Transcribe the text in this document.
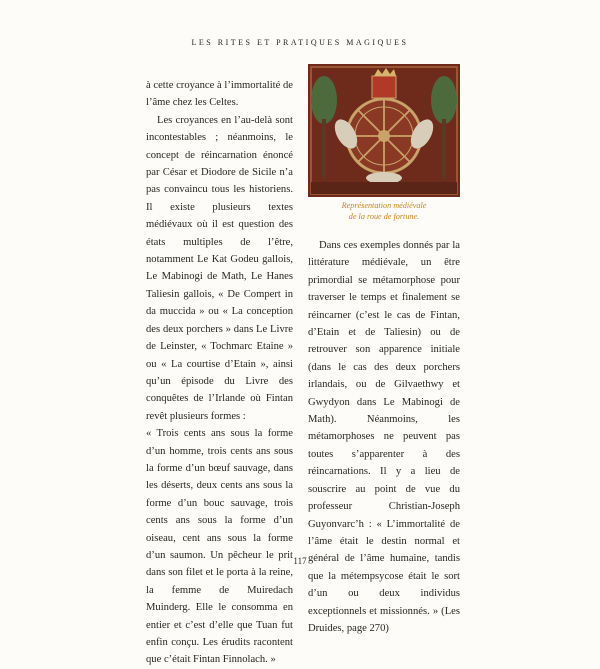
LES RITES ET PRATIQUES MAGIQUES
Représentation médiévale
de la roue de fortune.

à cette croyance à l’immortalité de l’âme chez les Celtes.

Les croyances en l’au-delà sont incontestables ; néanmoins, le concept de réincarnation énoncé par César et Diodore de Sicile n’a pas convaincu tous les historiens. Il existe plusieurs textes médiévaux où il est question des états multiples de l’être, notamment Le Kat Godeu gallois, Le Mabinogi de Math, Le Hanes Taliesin gallois, « De Compert in da muccida » ou « La conception des deux porchers » dans Le Livre de Leinster, « Tochmarc Etaine » ou « La courtise d’Etain », ainsi qu’un épisode du Livre des conquêtes de l’Irlande où Fintan revêt plusieurs formes :

« Trois cents ans sous la forme d’un homme, trois cents ans sous la forme d’un bœuf sauvage, dans les déserts, deux cents ans sous la forme d’un bouc sauvage, trois cents ans sous la forme d’un oiseau, cent ans sous la forme d’un saumon. Un pêcheur le prit dans son filet et le porta à la reine, la femme de Muiredach Muinderg. Elle le consomma en entier et c’est d’elle que Tuan fut enfin conçu. Les érudits racontent que c’était Fintan Finnolach. »

Dans ces exemples donnés par la littérature médiévale, un être primordial se métamorphose pour traverser le temps et finalement se réincarner (c’est le cas de Fintan, d’Etain et de Taliesin) ou de retrouver son apparence initiale (dans le cas des deux porchers irlandais, ou de Gilvaethwy et Gwydyon dans Le Mabinogi de Math). Néanmoins, les métamorphoses ne peuvent pas toutes s’apparenter à des réincarnations. Il y a lieu de souscrire au point de vue du professeur Christian-Joseph Guyonvarc’h : « L’immortalité de l’âme était le destin normal et général de l’âme humaine, tandis que la métempsycose était le sort d’un ou deux individus exceptionnels et missionnés. » (Les Druides, page 270)

117
